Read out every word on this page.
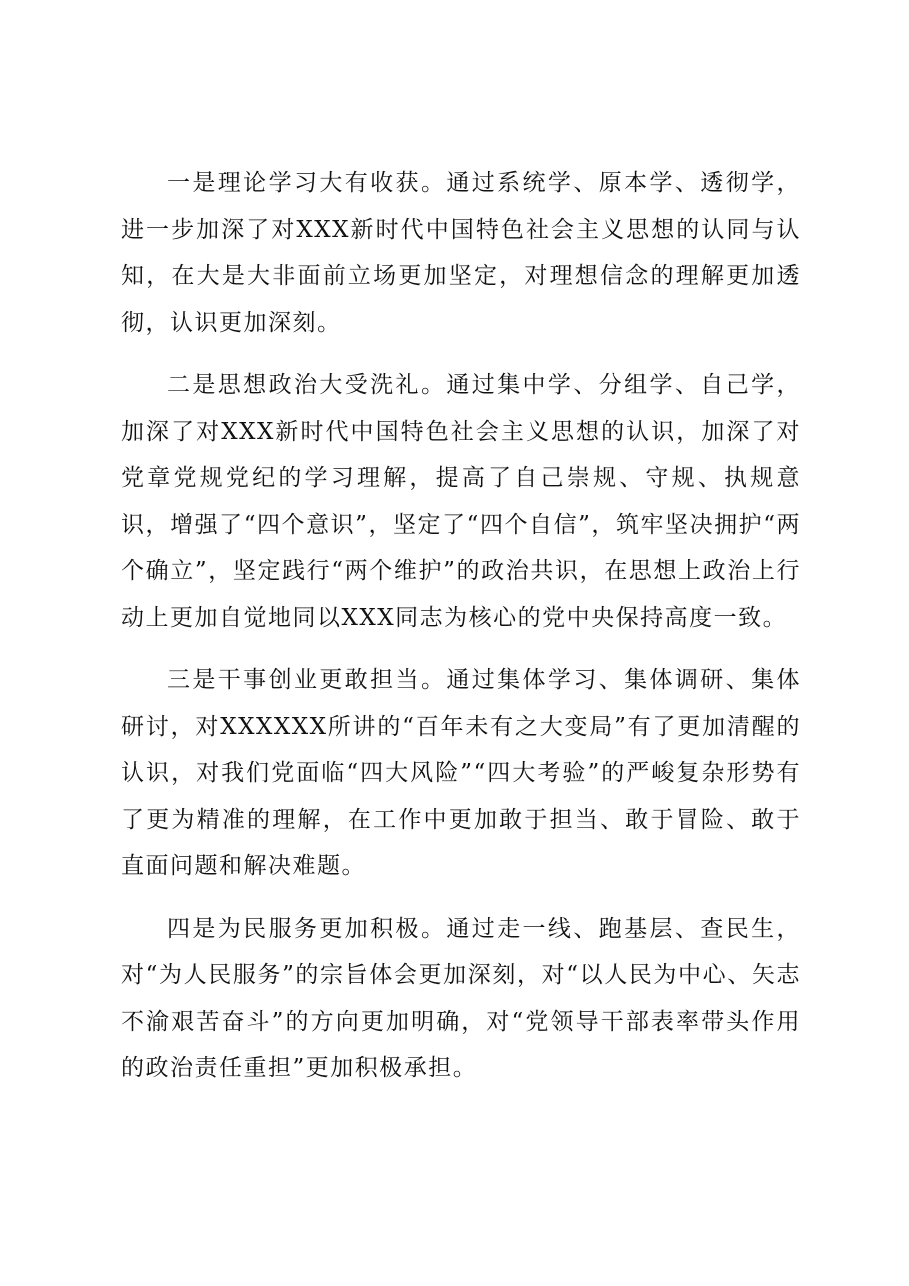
一是理论学习大有收获。通过系统学、原本学、透彻学，进一步加深了对XXX新时代中国特色社会主义思想的认同与认知，在大是大非面前立场更加坚定，对理想信念的理解更加透彻，认识更加深刻。

二是思想政治大受洗礼。通过集中学、分组学、自己学，加深了对XXX新时代中国特色社会主义思想的认识，加深了对党章党规党纪的学习理解，提高了自己崇规、守规、执规意识，增强了“四个意识”，坚定了“四个自信”，筑牢坚决拥护“两个确立”，坚定践行“两个维护”的政治共识，在思想上政治上行动上更加自觉地同以XXX同志为核心的党中央保持高度一致。

三是干事创业更敢担当。通过集体学习、集体调研、集体研讨，对XXXXXX所讲的“百年未有之大变局”有了更加清醒的认识，对我们党面临“四大风险”“四大考验”的严峻复杂形势有了更为精准的理解，在工作中更加敢于担当、敢于冒险、敢于直面问题和解决难题。

四是为民服务更加积极。通过走一线、跑基层、查民生，对“为人民服务”的宗旨体会更加深刻，对“以人民为中心、矢志不渝艰苦奋斗”的方向更加明确，对“党领导干部表率带头作用的政治责任重担”更加积极承担。
